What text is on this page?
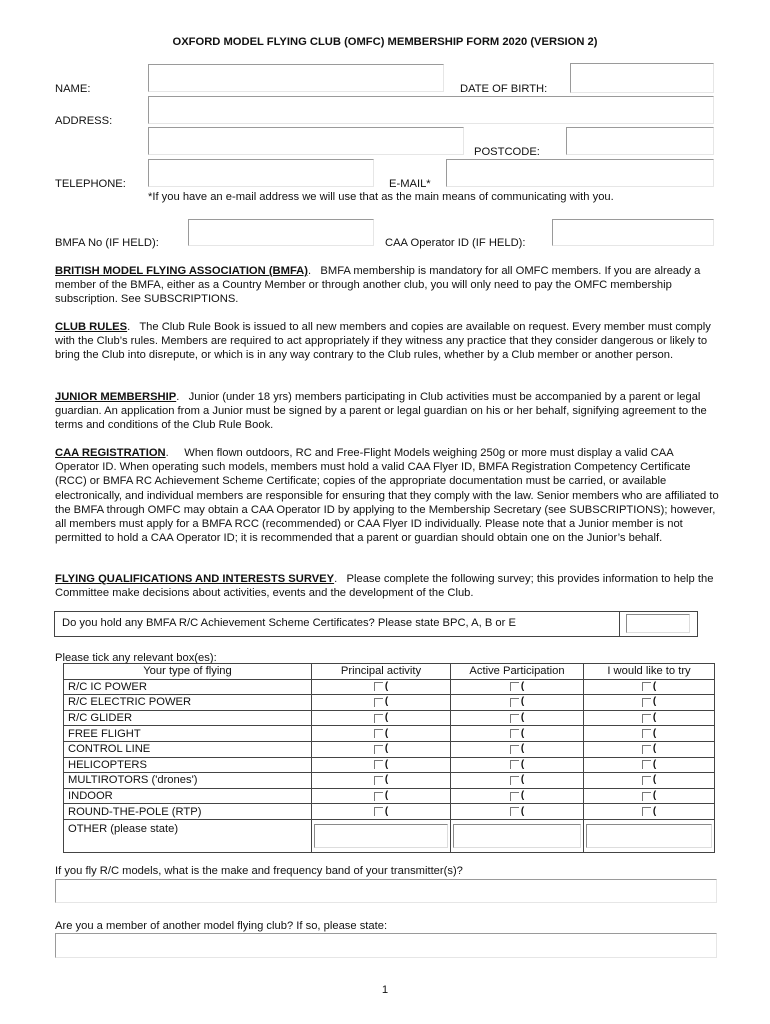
OXFORD MODEL FLYING CLUB (OMFC) MEMBERSHIP FORM 2020 (VERSION 2)
NAME:	DATE OF BIRTH:
ADDRESS:
POSTCODE:
TELEPHONE:	E-MAIL*
*If you have an e-mail address we will use that as the main means of communicating with you.
BMFA No (IF HELD):	CAA Operator ID (IF HELD):
BRITISH MODEL FLYING ASSOCIATION (BMFA).   BMFA membership is mandatory for all OMFC members. If you are already a member of the BMFA, either as a Country Member or through another club, you will only need to pay the OMFC membership subscription. See SUBSCRIPTIONS.
CLUB RULES.   The Club Rule Book is issued to all new members and copies are available on request. Every member must comply with the Club’s rules. Members are required to act appropriately if they witness any practice that they consider dangerous or likely to bring the Club into disrepute, or which is in any way contrary to the Club rules, whether by a Club member or another person.
JUNIOR MEMBERSHIP.   Junior (under 18 yrs) members participating in Club activities must be accompanied by a parent or legal guardian. An application from a Junior must be signed by a parent or legal guardian on his or her behalf, signifying agreement to the terms and conditions of the Club Rule Book.
CAA REGISTRATION.     When flown outdoors, RC and Free-Flight Models weighing 250g or more must display a valid CAA Operator ID. When operating such models, members must hold a valid CAA Flyer ID, BMFA Registration Competency Certificate (RCC) or BMFA RC Achievement Scheme Certificate; copies of the appropriate documentation must be carried, or available electronically, and individual members are responsible for ensuring that they comply with the law. Senior members who are affiliated to the BMFA through OMFC may obtain a CAA Operator ID by applying to the Membership Secretary (see SUBSCRIPTIONS); however, all members must apply for a BMFA RCC (recommended) or CAA Flyer ID individually. Please note that a Junior member is not permitted to hold a CAA Operator ID; it is recommended that a parent or guardian should obtain one on the Junior’s behalf.
FLYING QUALIFICATIONS AND INTERESTS SURVEY.   Please complete the following survey; this provides information to help the Committee make decisions about activities, events and the development of the Club.
Do you hold any BMFA R/C Achievement Scheme Certificates? Please state BPC, A, B or E
Please tick any relevant box(es):
Your type of flying	Principal activity	Active Participation	I would like to try
R/C IC POWER	(	(	(
R/C ELECTRIC POWER	(	(	(
R/C GLIDER	(	(	(
FREE FLIGHT	(	(	(
CONTROL LINE	(	(	(
HELICOPTERS	(	(	(
MULTIROTORS ('drones')	(	(	(
INDOOR	(	(	(
ROUND-THE-POLE (RTP)	(	(	(
OTHER (please state)	

If you fly R/C models, what is the make and frequency band of your transmitter(s)?
Are you a member of another model flying club? If so, please state:
1
